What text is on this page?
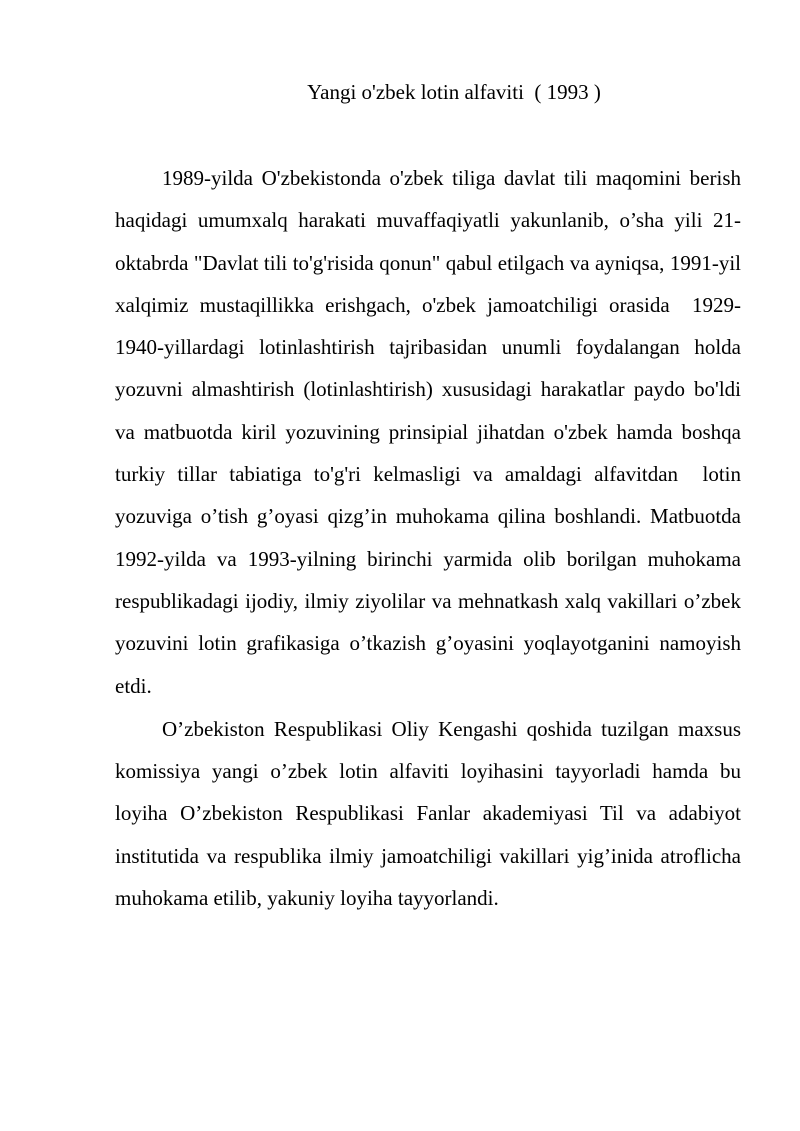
Yangi o'zbek lotin alfaviti  ( 1993 )

1989-yilda O'zbekistonda o'zbek tiliga davlat tili maqomini berish haqidagi umumxalq harakati muvaffaqiyatli yakunlanib, o’sha yili 21-oktabrda "Davlat tili to'g'risida qonun" qabul etilgach va ayniqsa, 1991-yil xalqimiz mustaqillikka erishgach, o'zbek jamoatchiligi orasida  1929-1940-yillardagi lotinlashtirish tajribasidan unumli foydalangan holda yozuvni almashtirish (lotinlashtirish) xususidagi harakatlar paydo bo'ldi va matbuotda kiril yozuvining prinsipial jihatdan o'zbek hamda boshqa turkiy tillar tabiatiga to'g'ri kelmasligi va amaldagi alfavitdan  lotin yozuviga o’tish g’oyasi qizg’in muhokama qilina boshlandi. Matbuotda 1992-yilda va 1993-yilning birinchi yarmida olib borilgan muhokama respublikadagi ijodiy, ilmiy ziyolilar va mehnatkash xalq vakillari o’zbek yozuvini lotin grafikasiga o’tkazish g’oyasini yoqlayotganini namoyish  etdi.

O’zbekiston Respublikasi Oliy Kengashi qoshida tuzilgan maxsus komissiya yangi o’zbek lotin alfaviti loyihasini tayyorladi hamda bu loyiha O’zbekiston Respublikasi Fanlar akademiyasi Til va adabiyot institutida va respublika ilmiy jamoatchiligi vakillari yig’inida atroflicha muhokama etilib, yakuniy loyiha tayyorlandi.
